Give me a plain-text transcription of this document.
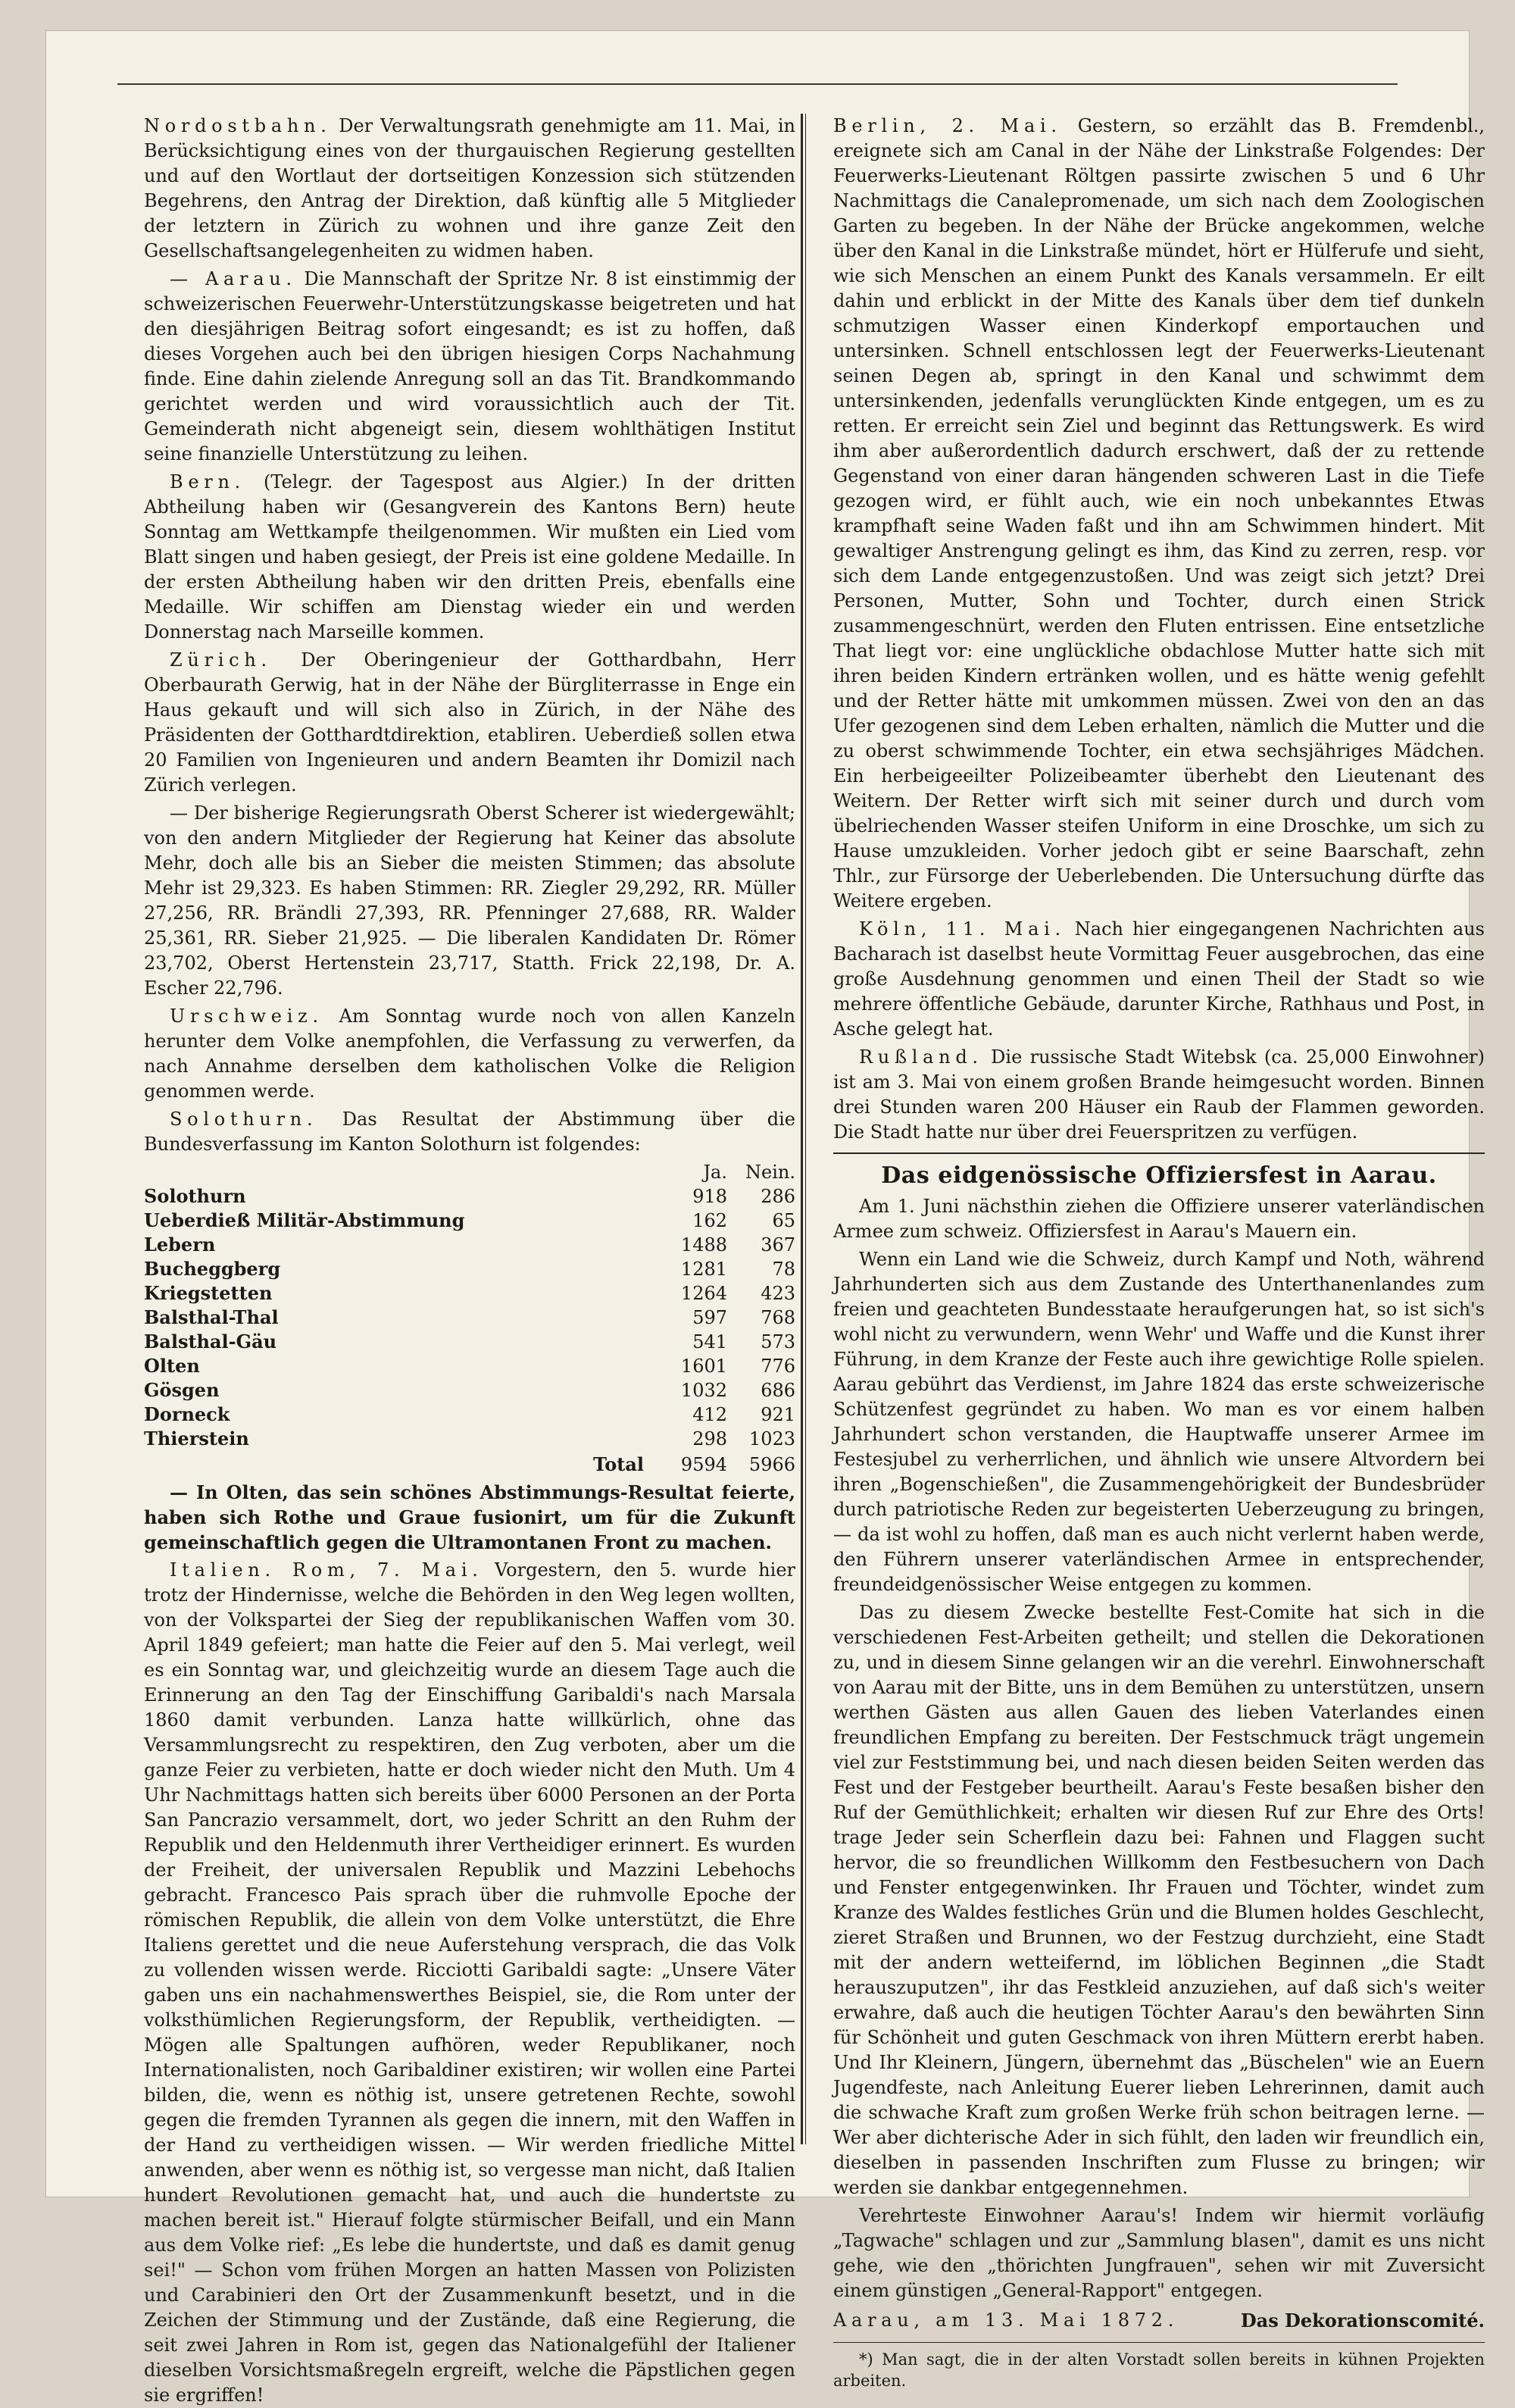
Nordostbahn. Der Verwaltungsrath genehmigte am 11. Mai, in Berücksichtigung eines von der thurgauischen Regierung gestellten und auf den Wortlaut der dortseitigen Konzession sich stützenden Begehrens, den Antrag der Direktion, daß künftig alle 5 Mitglieder der letztern in Zürich zu wohnen und ihre ganze Zeit den Gesellschaftsangelegenheiten zu widmen haben.

— Aarau. Die Mannschaft der Spritze Nr. 8 ist einstimmig der schweizerischen Feuerwehr-Unterstützungskasse beigetreten und hat den diesjährigen Beitrag sofort eingesandt; es ist zu hoffen, daß dieses Vorgehen auch bei den übrigen hiesigen Corps Nachahmung finde. Eine dahin zielende Anregung soll an das Tit. Brandkommando gerichtet werden und wird voraussichtlich auch der Tit. Gemeinderath nicht abgeneigt sein, diesem wohlthätigen Institut seine finanzielle Unterstützung zu leihen.

Bern. (Telegr. der Tagespost aus Algier.) In der dritten Abtheilung haben wir (Gesangverein des Kantons Bern) heute Sonntag am Wettkampfe theilgenommen. Wir mußten ein Lied vom Blatt singen und haben gesiegt, der Preis ist eine goldene Medaille. In der ersten Abtheilung haben wir den dritten Preis, ebenfalls eine Medaille. Wir schiffen am Dienstag wieder ein und werden Donnerstag nach Marseille kommen.

Zürich. Der Oberingenieur der Gotthardbahn, Herr Oberbaurath Gerwig, hat in der Nähe der Bürgliterrasse in Enge ein Haus gekauft und will sich also in Zürich, in der Nähe des Präsidenten der Gotthardtdirektion, etabliren. Ueberdieß sollen etwa 20 Familien von Ingenieuren und andern Beamten ihr Domizil nach Zürich verlegen.

— Der bisherige Regierungsrath Oberst Scherer ist wiedergewählt; von den andern Mitglieder der Regierung hat Keiner das absolute Mehr, doch alle bis an Sieber die meisten Stimmen; das absolute Mehr ist 29,323. Es haben Stimmen: RR. Ziegler 29,292, RR. Müller 27,256, RR. Brändli 27,393, RR. Pfenninger 27,688, RR. Walder 25,361, RR. Sieber 21,925. — Die liberalen Kandidaten Dr. Römer 23,702, Oberst Hertenstein 23,717, Statth. Frick 22,198, Dr. A. Escher 22,796.

Urschweiz. Am Sonntag wurde noch von allen Kanzeln herunter dem Volke anempfohlen, die Verfassung zu verwerfen, da nach Annahme derselben dem katholischen Volke die Religion genommen werde.

Solothurn. Das Resultat der Abstimmung über die Bundesverfassung im Kanton Solothurn ist folgendes:

	Ja.	Nein.
Solothurn	918	286
Ueberdieß Militär-Abstimmung	162	65
Lebern	1488	367
Bucheggberg	1281	78
Kriegstetten	1264	423
Balsthal-Thal	597	768
Balsthal-Gäu	541	573
Olten	1601	776
Gösgen	1032	686
Dorneck	412	921
Thierstein	298	1023
Total	9594	5966

— In Olten, das sein schönes Abstimmungs-Resultat feierte, haben sich Rothe und Graue fusionirt, um für die Zukunft gemeinschaftlich gegen die Ultramontanen Front zu machen.

Italien. Rom, 7. Mai. Vorgestern, den 5. wurde hier trotz der Hindernisse, welche die Behörden in den Weg legen wollten, von der Volkspartei der Sieg der republikanischen Waffen vom 30. April 1849 gefeiert; man hatte die Feier auf den 5. Mai verlegt, weil es ein Sonntag war, und gleichzeitig wurde an diesem Tage auch die Erinnerung an den Tag der Einschiffung Garibaldi's nach Marsala 1860 damit verbunden. Lanza hatte willkürlich, ohne das Versammlungsrecht zu respektiren, den Zug verboten, aber um die ganze Feier zu verbieten, hatte er doch wieder nicht den Muth. Um 4 Uhr Nachmittags hatten sich bereits über 6000 Personen an der Porta San Pancrazio versammelt, dort, wo jeder Schritt an den Ruhm der Republik und den Heldenmuth ihrer Vertheidiger erinnert. Es wurden der Freiheit, der universalen Republik und Mazzini Lebehochs gebracht. Francesco Pais sprach über die ruhmvolle Epoche der römischen Republik, die allein von dem Volke unterstützt, die Ehre Italiens gerettet und die neue Auferstehung versprach, die das Volk zu vollenden wissen werde. Ricciotti Garibaldi sagte: „Unsere Väter gaben uns ein nachahmenswerthes Beispiel, sie, die Rom unter der volksthümlichen Regierungsform, der Republik, vertheidigten. — Mögen alle Spaltungen aufhören, weder Republikaner, noch Internationalisten, noch Garibaldiner existiren; wir wollen eine Partei bilden, die, wenn es nöthig ist, unsere getretenen Rechte, sowohl gegen die fremden Tyrannen als gegen die innern, mit den Waffen in der Hand zu vertheidigen wissen. — Wir werden friedliche Mittel anwenden, aber wenn es nöthig ist, so vergesse man nicht, daß Italien hundert Revolutionen gemacht hat, und auch die hundertste zu machen bereit ist." Hierauf folgte stürmischer Beifall, und ein Mann aus dem Volke rief: „Es lebe die hundertste, und daß es damit genug sei!" — Schon vom frühen Morgen an hatten Massen von Polizisten und Carabinieri den Ort der Zusammenkunft besetzt, und in die Zeichen der Stimmung und der Zustände, daß eine Regierung, die seit zwei Jahren in Rom ist, gegen das Nationalgefühl der Italiener dieselben Vorsichtsmaßregeln ergreift, welche die Päpstlichen gegen sie ergriffen!

Berlin, 2. Mai. Gestern, so erzählt das B. Fremdenbl., ereignete sich am Canal in der Nähe der Linkstraße Folgendes: Der Feuerwerks-Lieutenant Röltgen passirte zwischen 5 und 6 Uhr Nachmittags die Canalepromenade, um sich nach dem Zoologischen Garten zu begeben. In der Nähe der Brücke angekommen, welche über den Kanal in die Linkstraße mündet, hört er Hülferufe und sieht, wie sich Menschen an einem Punkt des Kanals versammeln. Er eilt dahin und erblickt in der Mitte des Kanals über dem tief dunkeln schmutzigen Wasser einen Kinderkopf emportauchen und untersinken. Schnell entschlossen legt der Feuerwerks-Lieutenant seinen Degen ab, springt in den Kanal und schwimmt dem untersinkenden, jedenfalls verunglückten Kinde entgegen, um es zu retten. Er erreicht sein Ziel und beginnt das Rettungswerk. Es wird ihm aber außerordentlich dadurch erschwert, daß der zu rettende Gegenstand von einer daran hängenden schweren Last in die Tiefe gezogen wird, er fühlt auch, wie ein noch unbekanntes Etwas krampfhaft seine Waden faßt und ihn am Schwimmen hindert. Mit gewaltiger Anstrengung gelingt es ihm, das Kind zu zerren, resp. vor sich dem Lande entgegenzustoßen. Und was zeigt sich jetzt? Drei Personen, Mutter, Sohn und Tochter, durch einen Strick zusammengeschnürt, werden den Fluten entrissen. Eine entsetzliche That liegt vor: eine unglückliche obdachlose Mutter hatte sich mit ihren beiden Kindern ertränken wollen, und es hätte wenig gefehlt und der Retter hätte mit umkommen müssen. Zwei von den an das Ufer gezogenen sind dem Leben erhalten, nämlich die Mutter und die zu oberst schwimmende Tochter, ein etwa sechsjähriges Mädchen. Ein herbeigeeilter Polizeibeamter überhebt den Lieutenant des Weitern. Der Retter wirft sich mit seiner durch und durch vom übelriechenden Wasser steifen Uniform in eine Droschke, um sich zu Hause umzukleiden. Vorher jedoch gibt er seine Baarschaft, zehn Thlr., zur Fürsorge der Ueberlebenden. Die Untersuchung dürfte das Weitere ergeben.

Köln, 11. Mai. Nach hier eingegangenen Nachrichten aus Bacharach ist daselbst heute Vormittag Feuer ausgebrochen, das eine große Ausdehnung genommen und einen Theil der Stadt so wie mehrere öffentliche Gebäude, darunter Kirche, Rathhaus und Post, in Asche gelegt hat.

Rußland. Die russische Stadt Witebsk (ca. 25,000 Einwohner) ist am 3. Mai von einem großen Brande heimgesucht worden. Binnen drei Stunden waren 200 Häuser ein Raub der Flammen geworden. Die Stadt hatte nur über drei Feuerspritzen zu verfügen.

Das eidgenössische Offiziersfest in Aarau.

Am 1. Juni nächsthin ziehen die Offiziere unserer vaterländischen Armee zum schweiz. Offiziersfest in Aarau's Mauern ein.

Wenn ein Land wie die Schweiz, durch Kampf und Noth, während Jahrhunderten sich aus dem Zustande des Unterthanenlandes zum freien und geachteten Bundesstaate heraufgerungen hat, so ist sich's wohl nicht zu verwundern, wenn Wehr' und Waffe und die Kunst ihrer Führung, in dem Kranze der Feste auch ihre gewichtige Rolle spielen. Aarau gebührt das Verdienst, im Jahre 1824 das erste schweizerische Schützenfest gegründet zu haben. Wo man es vor einem halben Jahrhundert schon verstanden, die Hauptwaffe unserer Armee im Festesjubel zu verherrlichen, und ähnlich wie unsere Altvordern bei ihren „Bogenschießen", die Zusammengehörigkeit der Bundesbrüder durch patriotische Reden zur begeisterten Ueberzeugung zu bringen, — da ist wohl zu hoffen, daß man es auch nicht verlernt haben werde, den Führern unserer vaterländischen Armee in entsprechender, freundeidgenössischer Weise entgegen zu kommen.

Das zu diesem Zwecke bestellte Fest-Comite hat sich in die verschiedenen Fest-Arbeiten getheilt; und stellen die Dekorationen zu, und in diesem Sinne gelangen wir an die verehrl. Einwohnerschaft von Aarau mit der Bitte, uns in dem Bemühen zu unterstützen, unsern werthen Gästen aus allen Gauen des lieben Vaterlandes einen freundlichen Empfang zu bereiten. Der Festschmuck trägt ungemein viel zur Feststimmung bei, und nach diesen beiden Seiten werden das Fest und der Festgeber beurtheilt. Aarau's Feste besaßen bisher den Ruf der Gemüthlichkeit; erhalten wir diesen Ruf zur Ehre des Orts! trage Jeder sein Scherflein dazu bei: Fahnen und Flaggen sucht hervor, die so freundlichen Willkomm den Festbesuchern von Dach und Fenster entgegenwinken. Ihr Frauen und Töchter, windet zum Kranze des Waldes festliches Grün und die Blumen holdes Geschlecht, zieret Straßen und Brunnen, wo der Festzug durchzieht, eine Stadt mit der andern wetteifernd, im löblichen Beginnen „die Stadt herauszuputzen", ihr das Festkleid anzuziehen, auf daß sich's weiter erwahre, daß auch die heutigen Töchter Aarau's den bewährten Sinn für Schönheit und guten Geschmack von ihren Müttern ererbt haben. Und Ihr Kleinern, Jüngern, übernehmt das „Büschelen" wie an Euern Jugendfeste, nach Anleitung Euerer lieben Lehrerinnen, damit auch die schwache Kraft zum großen Werke früh schon beitragen lerne. — Wer aber dichterische Ader in sich fühlt, den laden wir freundlich ein, dieselben in passenden Inschriften zum Flusse zu bringen; wir werden sie dankbar entgegennehmen.

Verehrteste Einwohner Aarau's! Indem wir hiermit vorläufig „Tagwache" schlagen und zur „Sammlung blasen", damit es uns nicht gehe, wie den „thörichten Jungfrauen", sehen wir mit Zuversicht einem günstigen „General-Rapport" entgegen.

Aarau, am 13. Mai 1872.	Das Dekorationscomité.
*) Man sagt, die in der alten Vorstadt sollen bereits in kühnen Projekten arbeiten.
